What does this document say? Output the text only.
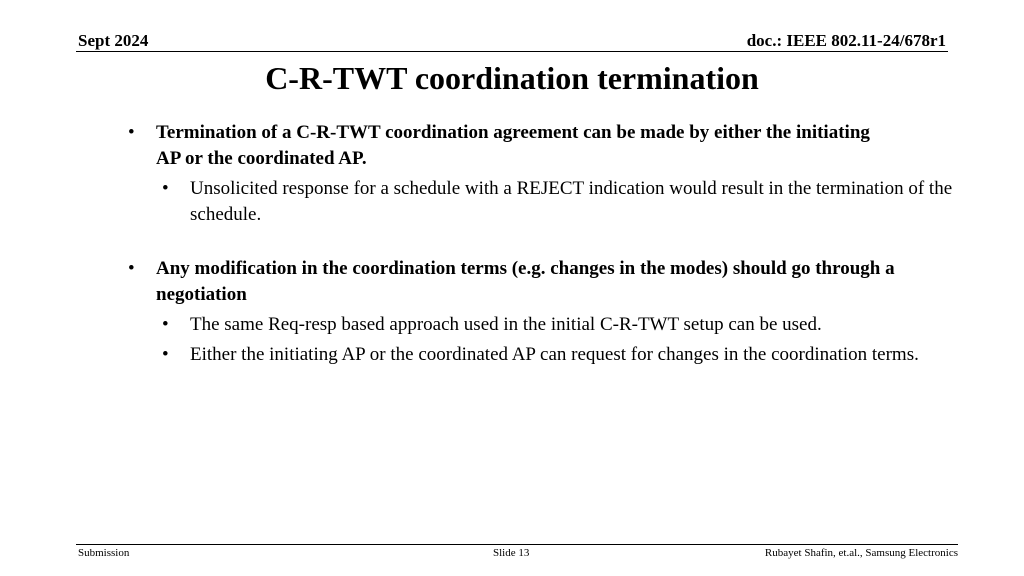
Sept 2024	doc.: IEEE 802.11-24/678r1
C-R-TWT coordination termination
• Termination of a C-R-TWT coordination agreement can be made by either the initiating AP or the coordinated AP.
• Unsolicited response for a schedule with a REJECT indication would result in the termination of the schedule.
• Any modification in the coordination terms (e.g. changes in the modes) should go through a negotiation
• The same Req-resp based approach used in the initial C-R-TWT setup can be used.
• Either the initiating AP or the coordinated AP can request for changes in the coordination terms.
Submission	Slide 13	Rubayet Shafin, et.al., Samsung Electronics
